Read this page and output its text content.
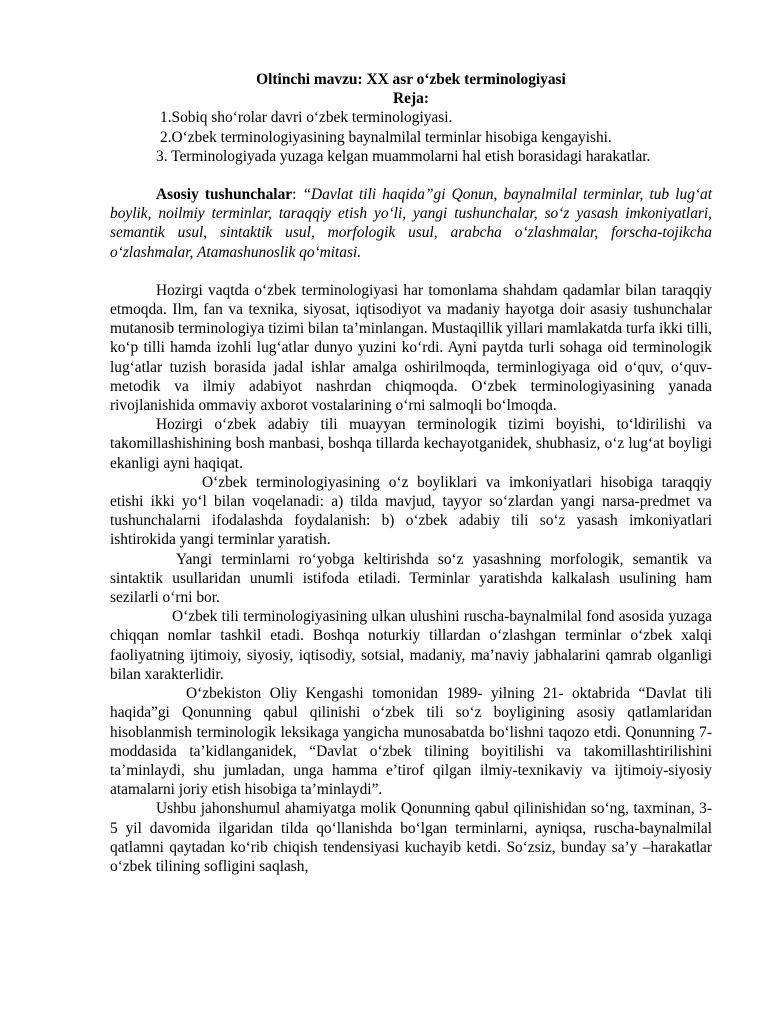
Oltinchi mavzu: XX asr o‘zbek terminologiyasi

Reja:

1.Sobiq sho‘rolar davri o‘zbek terminologiyasi.

2.O‘zbek terminologiyasining baynalmilal terminlar hisobiga kengayishi.

3. Terminologiyada yuzaga kelgan muammolarni hal etish borasidagi harakatlar.

Asosiy tushunchalar: “Davlat tili haqida”gi Qonun, baynalmilal terminlar, tub lug‘at boylik, noilmiy terminlar, taraqqiy etish yo‘li, yangi tushunchalar, so‘z yasash imkoniyatlari, semantik usul, sintaktik usul, morfologik usul, arabcha o‘zlashmalar, forscha-tojikcha o‘zlashmalar, Atamashunoslik qo‘mitasi.

Hozirgi vaqtda o‘zbek terminologiyasi har tomonlama shahdam qadamlar bilan taraqqiy etmoqda. Ilm, fan va texnika, siyosat, iqtisodiyot va madaniy hayotga doir asasiy tushunchalar mutanosib terminologiya tizimi bilan ta’minlangan. Mustaqillik yillari mamlakatda turfa ikki tilli, ko‘p tilli hamda izohli lug‘atlar dunyo yuzini ko‘rdi. Ayni paytda turli sohaga oid terminologik lug‘atlar tuzish borasida jadal ishlar amalga oshirilmoqda, terminlogiyaga oid o‘quv, o‘quv-metodik va ilmiy adabiyot nashrdan chiqmoqda. O‘zbek terminologiyasining yanada rivojlanishida ommaviy axborot vostalarining o‘rni salmoqli bo‘lmoqda.

Hozirgi o‘zbek adabiy tili muayyan terminologik tizimi boyishi, to‘ldirilishi va takomillashishining bosh manbasi, boshqa tillarda kechayotganidek, shubhasiz, o‘z lug‘at boyligi ekanligi ayni haqiqat.

O‘zbek terminologiyasining o‘z boyliklari va imkoniyatlari hisobiga taraqqiy etishi ikki yo‘l bilan voqelanadi: a) tilda mavjud, tayyor so‘zlardan yangi narsa-predmet va tushunchalarni ifodalashda foydalanish: b) o‘zbek adabiy tili so‘z yasash imkoniyatlari ishtirokida yangi terminlar yaratish.

Yangi terminlarni ro‘yobga keltirishda so‘z yasashning morfologik, semantik va sintaktik usullaridan unumli istifoda etiladi. Terminlar yaratishda kalkalash usulining ham sezilarli o‘rni bor.

O‘zbek tili terminologiyasining ulkan ulushini ruscha-baynalmilal fond asosida yuzaga chiqqan nomlar tashkil etadi. Boshqa noturkiy tillardan o‘zlashgan terminlar o‘zbek xalqi faoliyatning ijtimoiy, siyosiy, iqtisodiy, sotsial, madaniy, ma’naviy jabhalarini qamrab olganligi bilan xarakterlidir.

O‘zbekiston Oliy Kengashi tomonidan 1989- yilning 21- oktabrida “Davlat tili haqida”gi Qonunning qabul qilinishi o‘zbek tili so‘z boyligining asosiy qatlamlaridan hisoblanmish terminologik leksikaga yangicha munosabatda bo‘lishni taqozo etdi. Qonunning 7-moddasida ta’kidlanganidek, “Davlat o‘zbek tilining boyitilishi va takomillashtirilishini ta’minlaydi, shu jumladan, unga hamma e’tirof qilgan ilmiy-texnikaviy va ijtimoiy-siyosiy atamalarni joriy etish hisobiga ta’minlaydi”.

Ushbu jahonshumul ahamiyatga molik Qonunning qabul qilinishidan so‘ng, taxminan, 3-5 yil davomida ilgaridan tilda qo‘llanishda bo‘lgan terminlarni, ayniqsa, ruscha-baynalmilal qatlamni qaytadan ko‘rib chiqish tendensiyasi kuchayib ketdi. So‘zsiz, bunday sa’y –harakatlar o‘zbek tilining sofligini saqlash,
